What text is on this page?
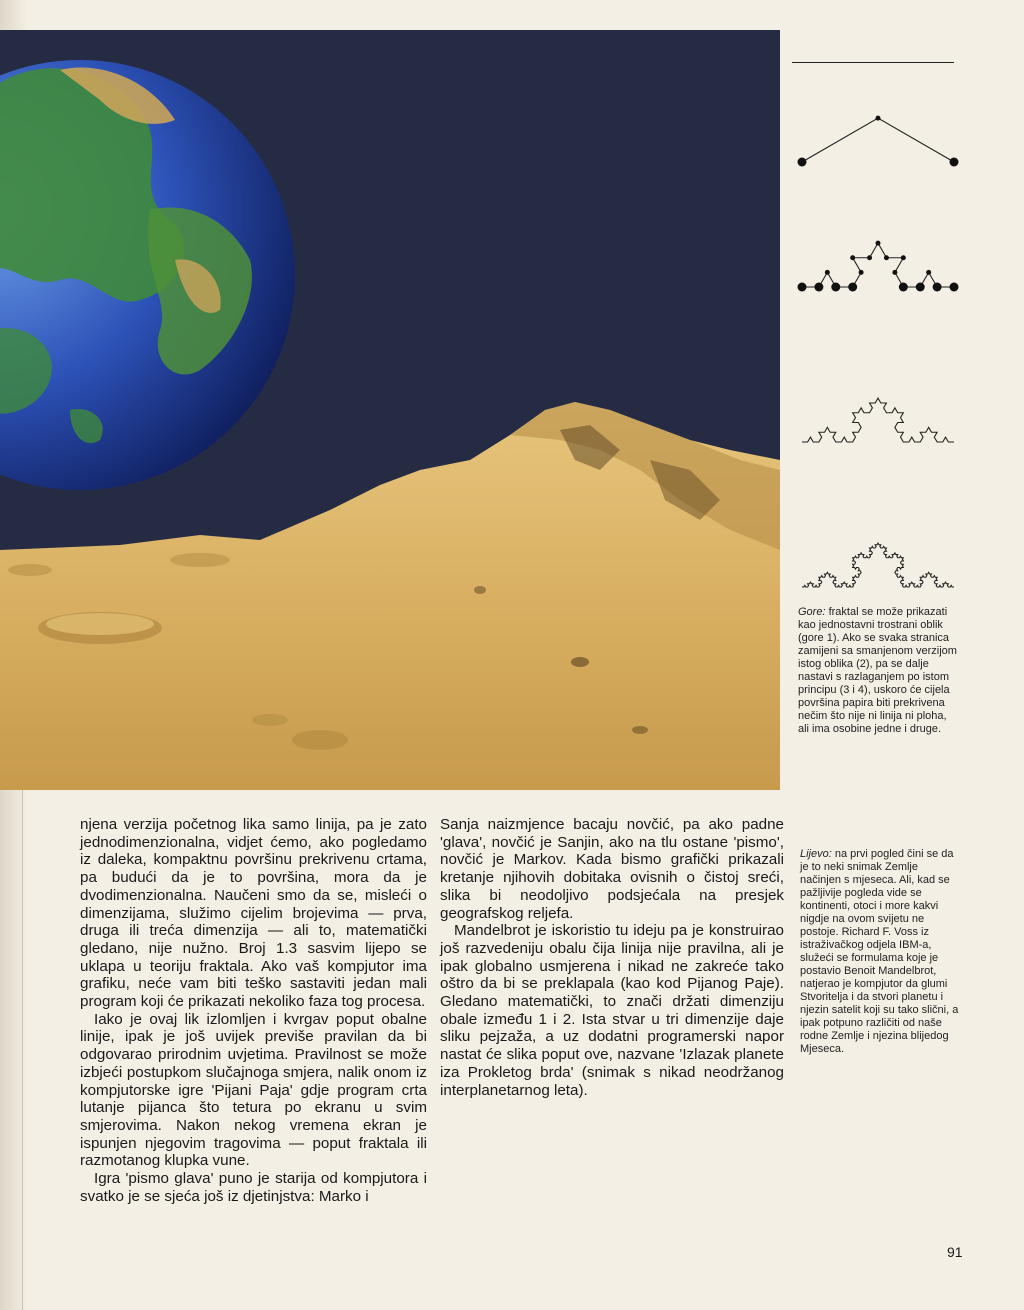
Gore: fraktal se može prikazati kao jednostavni trostrani oblik (gore 1). Ako se svaka stranica zamijeni sa smanjenom verzijom istog oblika (2), pa se dalje nastavi s razlaganjem po istom principu (3 i 4), uskoro će cijela površina papira biti prekrivena nečim što nije ni linija ni ploha, ali ima osobine jedne i druge.
Lijevo: na prvi pogled čini se da je to neki snimak Zemlje načinjen s mjeseca. Ali, kad se pažljivije pogleda vide se kontinenti, otoci i more kakvi nigdje na ovom svijetu ne postoje. Richard F. Voss iz istraživačkog odjela IBM-a, služeći se formulama koje je postavio Benoit Mandelbrot, natjerao je kompjutor da glumi Stvoritelja i da stvori planetu i njezin satelit koji su tako slični, a ipak potpuno različiti od naše rodne Zemlje i njezina blijedog Mjeseca.

njena verzija početnog lika samo linija, pa je zato jednodimenzionalna, vidjet ćemo, ako pogledamo iz daleka, kompaktnu površinu prekrivenu crtama, pa budući da je to površina, mora da je dvodimenzionalna. Naučeni smo da se, misleći o dimenzijama, služimo cijelim brojevima — prva, druga ili treća dimenzija — ali to, matematički gledano, nije nužno. Broj 1.3 sasvim lijepo se uklapa u teoriju fraktala. Ako vaš kompjutor ima grafiku, neće vam biti teško sastaviti jedan mali program koji će prikazati nekoliko faza tog procesa.

Iako je ovaj lik izlomljen i kvrgav poput obalne linije, ipak je još uvijek previše pravilan da bi odgovarao prirodnim uvjetima. Pravilnost se može izbjeći postupkom slučajnoga smjera, nalik onom iz kompjutorske igre 'Pijani Paja' gdje program crta lutanje pijanca što tetura po ekranu u svim smjerovima. Nakon nekog vremena ekran je ispunjen njegovim tragovima — poput fraktala ili razmotanog klupka vune.

Igra 'pismo glava' puno je starija od kompjutora i svatko je se sjeća još iz djetinjstva: Marko i

Sanja naizmjence bacaju novčić, pa ako padne 'glava', novčić je Sanjin, ako na tlu ostane 'pismo', novčić je Markov. Kada bismo grafički prikazali kretanje njihovih dobitaka ovisnih o čistoj sreći, slika bi neodoljivo podsjećala na presjek geografskog reljefa.

Mandelbrot je iskoristio tu ideju pa je konstruirao još razvedeniju obalu čija linija nije pravilna, ali je ipak globalno usmjerena i nikad ne zakreće tako oštro da bi se preklapala (kao kod Pijanog Paje). Gledano matematički, to znači držati dimenziju obale između 1 i 2. Ista stvar u tri dimenzije daje sliku pejzaža, a uz dodatni programerski napor nastat će slika poput ove, nazvane 'Izlazak planete iza Prokletog brda' (snimak s nikad neodržanog interplanetarnog leta).

91
